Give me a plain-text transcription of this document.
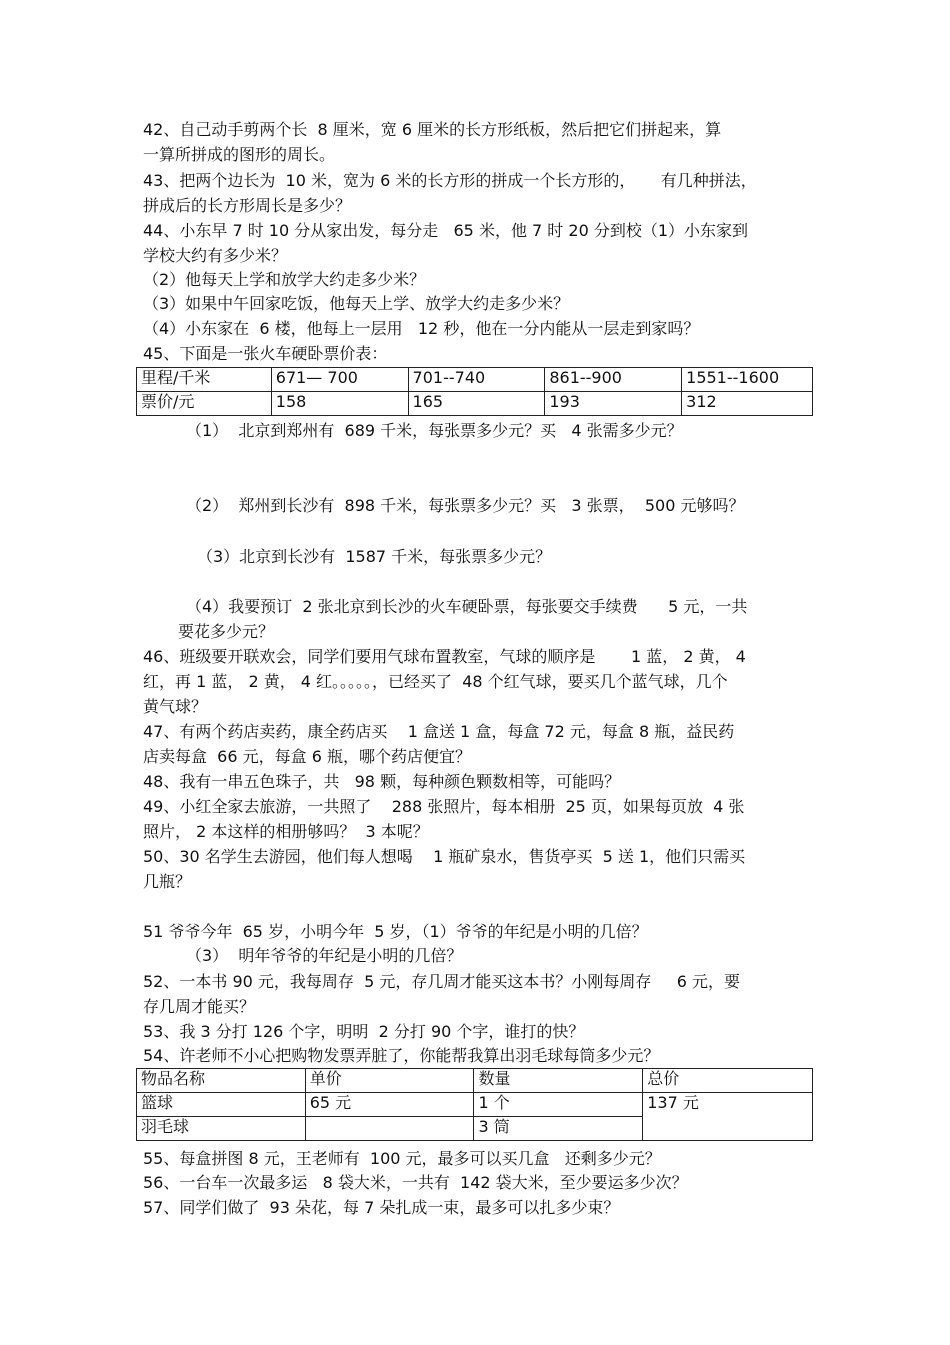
42、自己动手剪两个长  8 厘米，宽 6 厘米的长方形纸板，然后把它们拼起来，算
一算所拼成的图形的周长。
43、把两个边长为  10 米，宽为 6 米的长方形的拼成一个长方形的，     有几种拼法，
拼成后的长方形周长是多少？
44、小东早 7 时 10 分从家出发，每分走   65 米，他 7 时 20 分到校（1）小东家到
学校大约有多少米？
（2）他每天上学和放学大约走多少米？
（3）如果中午回家吃饭，他每天上学、放学大约走多少米？
（4）小东家在  6 楼，他每上一层用   12 秒，他在一分内能从一层走到家吗？
45、下面是一张火车硬卧票价表：
里程/千米	671— 700	701--740	861--900	1551--1600
票价/元	158	165	193	312
（1）  北京到郑州有  689 千米，每张票多少元？买   4 张需多少元？
（2）  郑州到长沙有  898 千米，每张票多少元？买   3 张票，  500 元够吗？
（3）北京到长沙有  1587 千米，每张票多少元？
（4）我要预订  2 张北京到长沙的火车硬卧票，每张要交手续费      5 元，一共
要花多少元？
46、班级要开联欢会，同学们要用气球布置教室，气球的顺序是       1 蓝， 2 黄， 4
红，再 1 蓝， 2 黄， 4 红。。。。。，已经买了  48 个红气球，要买几个蓝气球，几个
黄气球？
47、有两个药店卖药，康全药店买    1 盒送 1 盒，每盒 72 元，每盒 8 瓶，益民药
店卖每盒  66 元，每盒 6 瓶，哪个药店便宜？
48、我有一串五色珠子，共   98 颗，每种颜色颗数相等，可能吗？
49、小红全家去旅游，一共照了    288 张照片，每本相册  25 页，如果每页放  4 张
照片， 2 本这样的相册够吗？  3 本呢？
50、30 名学生去游园，他们每人想喝    1 瓶矿泉水，售货亭买  5 送 1，他们只需买
几瓶？
51 爷爷今年  65 岁，小明今年  5 岁，（1）爷爷的年纪是小明的几倍？
（3）  明年爷爷的年纪是小明的几倍？
52、一本书 90 元，我每周存  5 元，存几周才能买这本书？小刚每周存     6 元，要
存几周才能买？
53、我 3 分打 126 个字，明明  2 分打 90 个字，谁打的快？
54、许老师不小心把购物发票弄脏了，你能帮我算出羽毛球每筒多少元？
物品名称	单价	数量	总价
篮球	65 元	1 个	137 元
羽毛球		3 筒	
55、每盒拼图 8 元，王老师有  100 元，最多可以买几盒   还剩多少元？
56、一台车一次最多运   8 袋大米，一共有  142 袋大米，至少要运多少次？
57、同学们做了  93 朵花，每 7 朵扎成一束，最多可以扎多少束？
